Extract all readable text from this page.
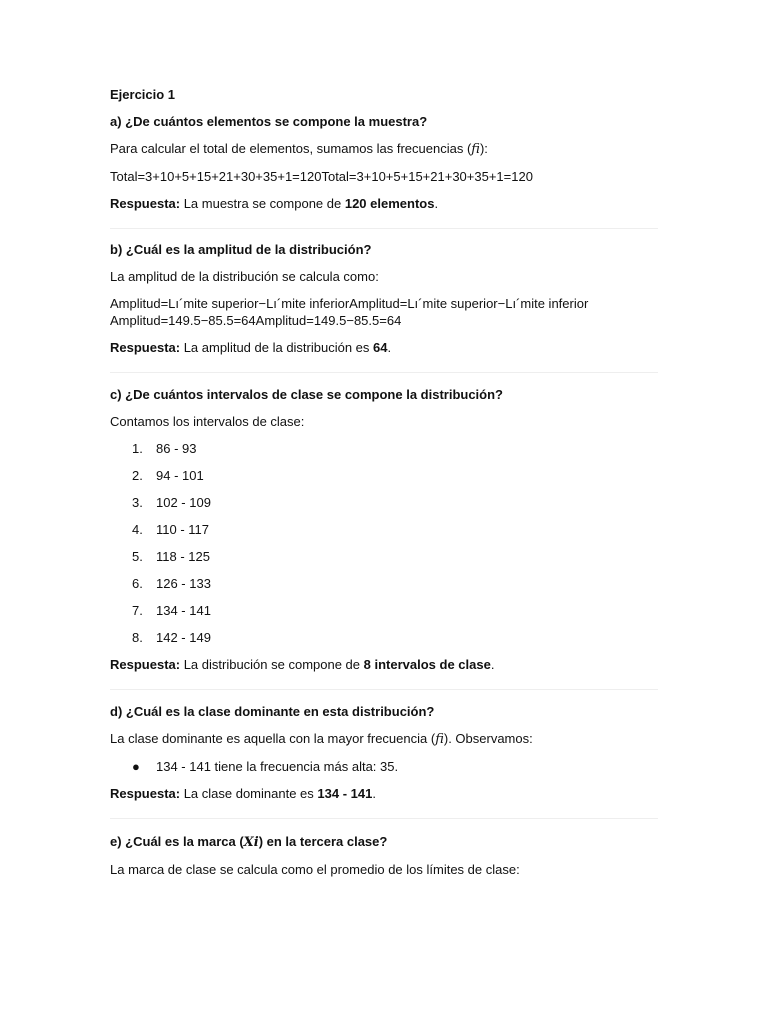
Ejercicio 1

a) ¿De cuántos elementos se compone la muestra?

Para calcular el total de elementos, sumamos las frecuencias (fi):

Total=3+10+5+15+21+30+35+1=120Total=3+10+5+15+21+30+35+1=120

Respuesta: La muestra se compone de 120 elementos.

b) ¿Cuál es la amplitud de la distribución?

La amplitud de la distribución se calcula como:

Amplitud=Lı´mite superior−Lı´mite inferiorAmplitud=Lı´mite superior−Lı´mite inferior

Amplitud=149.5−85.5=64Amplitud=149.5−85.5=64

Respuesta: La amplitud de la distribución es 64.

c) ¿De cuántos intervalos de clase se compone la distribución?

Contamos los intervalos de clase:

1. 86 - 93
2. 94 - 101
3. 102 - 109
4. 110 - 117
5. 118 - 125
6. 126 - 133
7. 134 - 141
8. 142 - 149

Respuesta: La distribución se compone de 8 intervalos de clase.

d) ¿Cuál es la clase dominante en esta distribución?

La clase dominante es aquella con la mayor frecuencia (fi). Observamos:

● 134 - 141 tiene la frecuencia más alta: 35.

Respuesta: La clase dominante es 134 - 141.

e) ¿Cuál es la marca (Xi) en la tercera clase?

La marca de clase se calcula como el promedio de los límites de clase:
